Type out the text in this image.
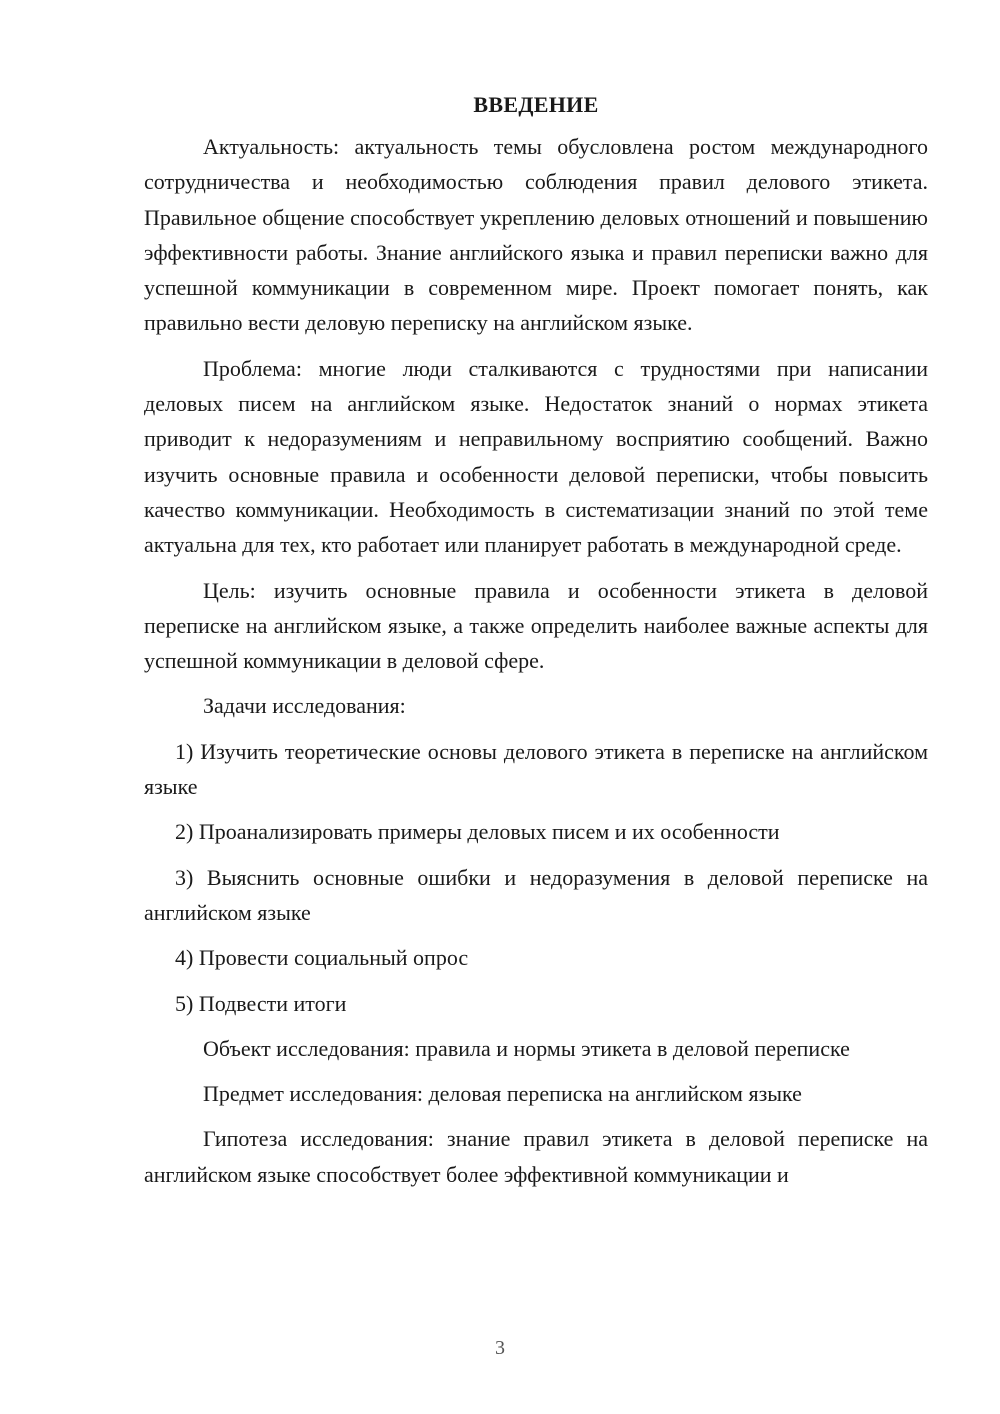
ВВЕДЕНИЕ

Актуальность: актуальность темы обусловлена ростом международного сотрудничества и необходимостью соблюдения правил делового этикета. Правильное общение способствует укреплению деловых отношений и повышению эффективности работы. Знание английского языка и правил переписки важно для успешной коммуникации в современном мире. Проект помогает понять, как правильно вести деловую переписку на английском языке.

Проблема: многие люди сталкиваются с трудностями при написании деловых писем на английском языке. Недостаток знаний о нормах этикета приводит к недоразумениям и неправильному восприятию сообщений. Важно изучить основные правила и особенности деловой переписки, чтобы повысить качество коммуникации. Необходимость в систематизации знаний по этой теме актуальна для тех, кто работает или планирует работать в международной среде.

Цель: изучить основные правила и особенности этикета в деловой переписке на английском языке, а также определить наиболее важные аспекты для успешной коммуникации в деловой сфере.

Задачи исследования:

1) Изучить теоретические основы делового этикета в переписке на английском языке

2) Проанализировать примеры деловых писем и их особенности

3) Выяснить основные ошибки и недоразумения в деловой переписке на английском языке

4) Провести социальный опрос

5) Подвести итоги

Объект исследования: правила и нормы этикета в деловой переписке

Предмет исследования: деловая переписка на английском языке

Гипотеза исследования: знание правил этикета в деловой переписке на английском языке способствует более эффективной коммуникации и

3
